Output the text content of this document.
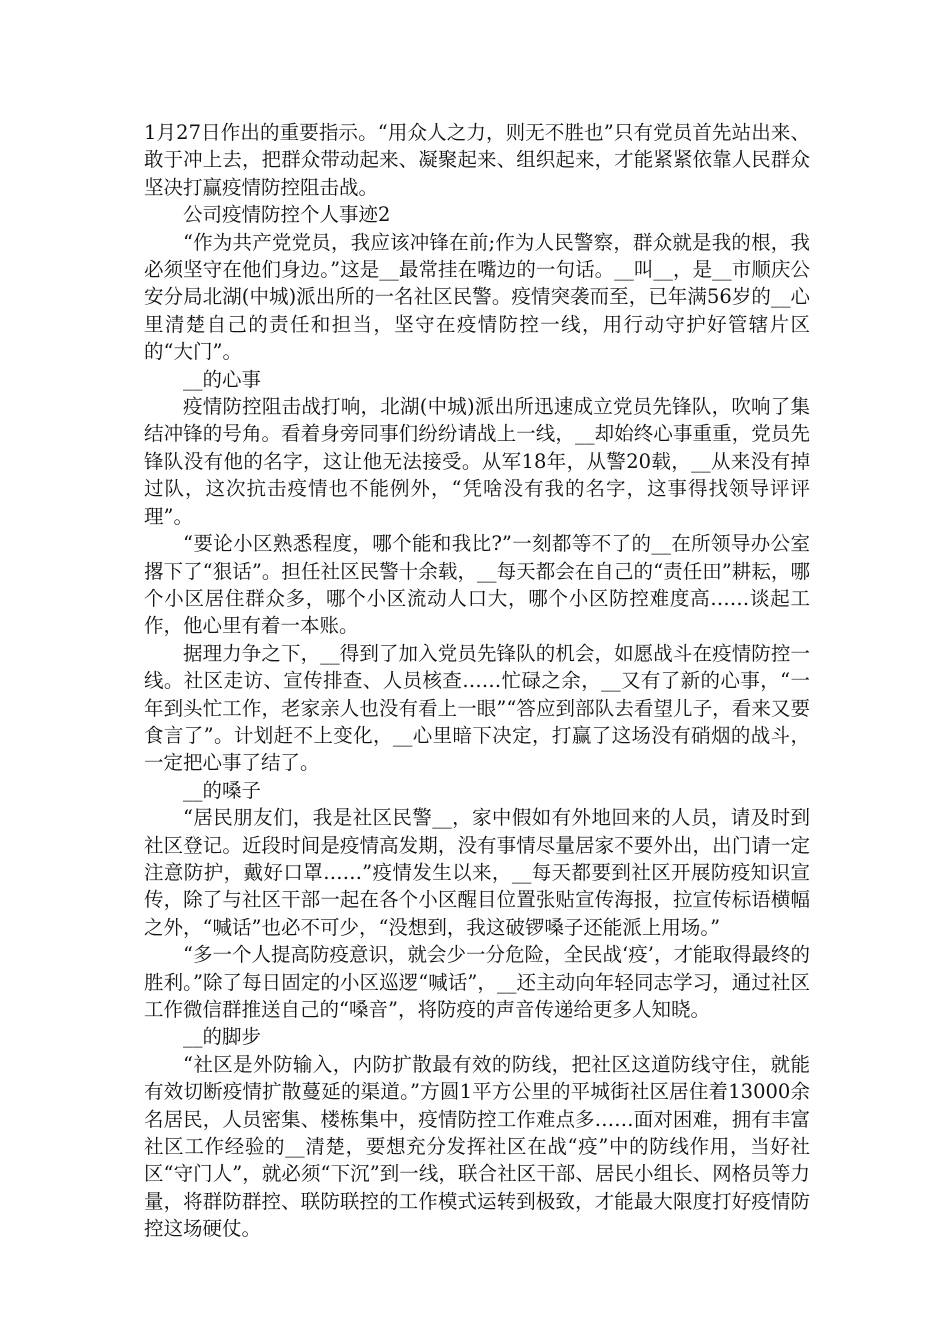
1月27日作出的重要指示。“用众人之力，则无不胜也”只有党员首先站出来、敢于冲上去，把群众带动起来、凝聚起来、组织起来，才能紧紧依靠人民群众坚决打赢疫情防控阻击战。

公司疫情防控个人事迹2

“作为共产党党员，我应该冲锋在前;作为人民警察，群众就是我的根，我必须坚守在他们身边。”这是__最常挂在嘴边的一句话。__叫__，是__市顺庆公安分局北湖(中城)派出所的一名社区民警。疫情突袭而至，已年满56岁的__心里清楚自己的责任和担当，坚守在疫情防控一线，用行动守护好管辖片区的“大门”。

__的心事

疫情防控阻击战打响，北湖(中城)派出所迅速成立党员先锋队，吹响了集结冲锋的号角。看着身旁同事们纷纷请战上一线，__却始终心事重重，党员先锋队没有他的名字，这让他无法接受。从军18年，从警20载，__从来没有掉过队，这次抗击疫情也不能例外，“凭啥没有我的名字，这事得找领导评评理”。

“要论小区熟悉程度，哪个能和我比?”一刻都等不了的__在所领导办公室撂下了“狠话”。担任社区民警十余载，__每天都会在自己的“责任田”耕耘，哪个小区居住群众多，哪个小区流动人口大，哪个小区防控难度高……谈起工作，他心里有着一本账。

据理力争之下，__得到了加入党员先锋队的机会，如愿战斗在疫情防控一线。社区走访、宣传排查、人员核查……忙碌之余，__又有了新的心事，“一年到头忙工作，老家亲人也没有看上一眼”“答应到部队去看望儿子，看来又要食言了”。计划赶不上变化，__心里暗下决定，打赢了这场没有硝烟的战斗，一定把心事了结了。

__的嗓子

“居民朋友们，我是社区民警__，家中假如有外地回来的人员，请及时到社区登记。近段时间是疫情高发期，没有事情尽量居家不要外出，出门请一定注意防护，戴好口罩……”疫情发生以来，__每天都要到社区开展防疫知识宣传，除了与社区干部一起在各个小区醒目位置张贴宣传海报，拉宣传标语横幅之外，“喊话”也必不可少，“没想到，我这破锣嗓子还能派上用场。”

“多一个人提高防疫意识，就会少一分危险，全民战‘疫’，才能取得最终的胜利。”除了每日固定的小区巡逻“喊话”，__还主动向年轻同志学习，通过社区工作微信群推送自己的“嗓音”，将防疫的声音传递给更多人知晓。

__的脚步

“社区是外防输入，内防扩散最有效的防线，把社区这道防线守住，就能有效切断疫情扩散蔓延的渠道。”方圆1平方公里的平城街社区居住着13000余名居民，人员密集、楼栋集中，疫情防控工作难点多……面对困难，拥有丰富社区工作经验的__清楚，要想充分发挥社区在战“疫”中的防线作用，当好社区“守门人”，就必须“下沉”到一线，联合社区干部、居民小组长、网格员等力量，将群防群控、联防联控的工作模式运转到极致，才能最大限度打好疫情防控这场硬仗。
